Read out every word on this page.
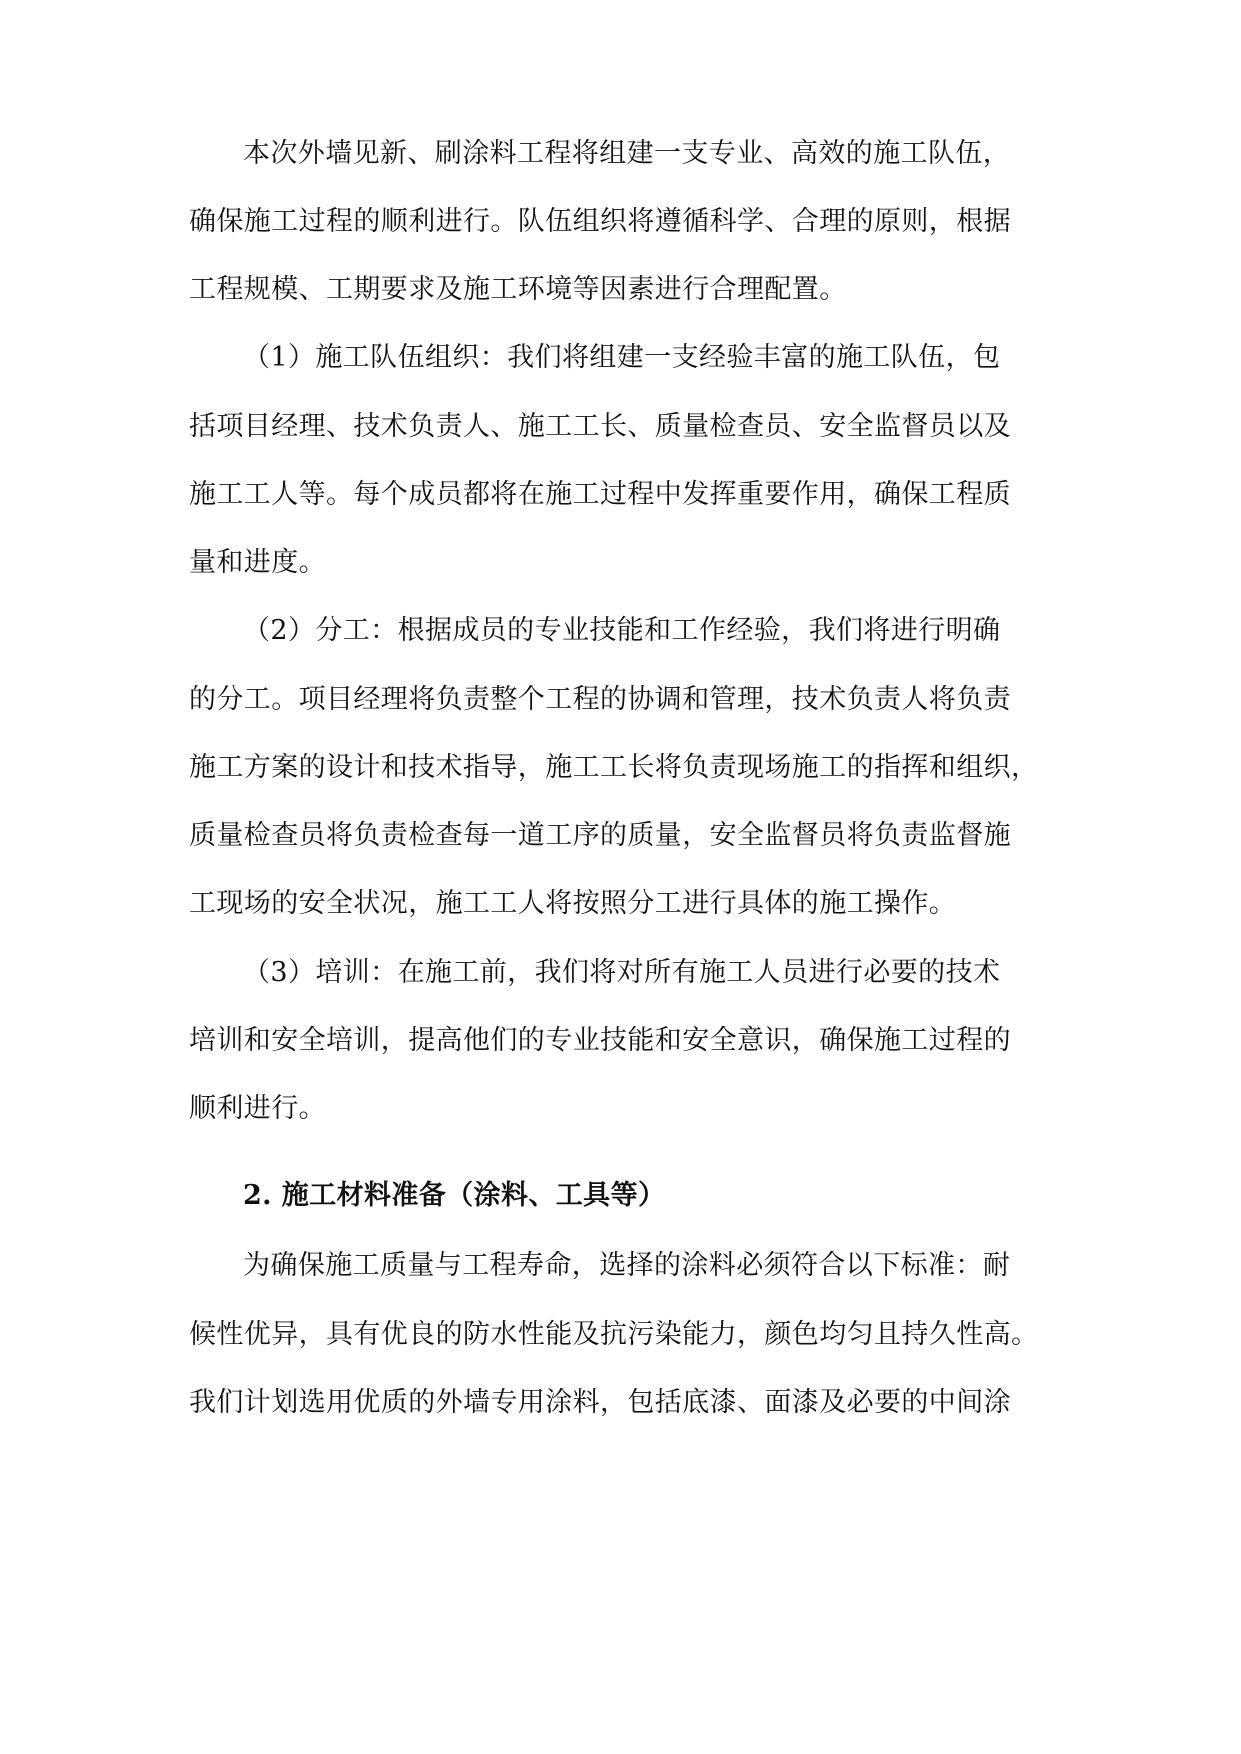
本次外墙见新、刷涂料工程将组建一支专业、高效的施工队伍，
确保施工过程的顺利进行。队伍组织将遵循科学、合理的原则，根据
工程规模、工期要求及施工环境等因素进行合理配置。
（1）施工队伍组织：我们将组建一支经验丰富的施工队伍，包
括项目经理、技术负责人、施工工长、质量检查员、安全监督员以及
施工工人等。每个成员都将在施工过程中发挥重要作用，确保工程质
量和进度。
（2）分工：根据成员的专业技能和工作经验，我们将进行明确
的分工。项目经理将负责整个工程的协调和管理，技术负责人将负责
施工方案的设计和技术指导，施工工长将负责现场施工的指挥和组织，
质量检查员将负责检查每一道工序的质量，安全监督员将负责监督施
工现场的安全状况，施工工人将按照分工进行具体的施工操作。
（3）培训：在施工前，我们将对所有施工人员进行必要的技术
培训和安全培训，提高他们的专业技能和安全意识，确保施工过程的
顺利进行。
2. 施工材料准备（涂料、工具等）
为确保施工质量与工程寿命，选择的涂料必须符合以下标准：耐
候性优异，具有优良的防水性能及抗污染能力，颜色均匀且持久性高。
我们计划选用优质的外墙专用涂料，包括底漆、面漆及必要的中间涂
